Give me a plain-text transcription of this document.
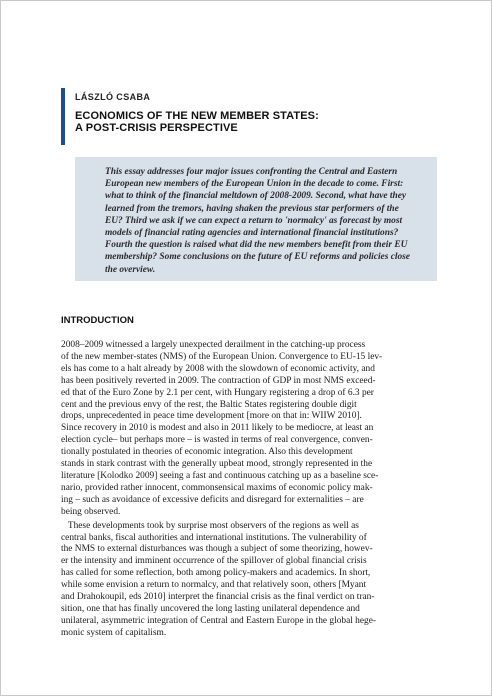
LÁSZLÓ CSABA
ECONOMICS OF THE NEW MEMBER STATES:
A POST-CRISIS PERSPECTIVE
This essay addresses four major issues confronting the Central and Eastern
European new members of the European Union in the decade to come. First:
what to think of the financial meltdown of 2008-2009. Second, what have they
learned from the tremors, having shaken the previous star performers of the
EU? Third we ask if we can expect a return to 'normalcy' as forecast by most
models of financial rating agencies and international financial institutions?
Fourth the question is raised what did the new members benefit from their EU
membership? Some conclusions on the future of EU reforms and policies close
the overview.
INTRODUCTION
2008–2009 witnessed a largely unexpected derailment in the catching-up process
of the new member-states (NMS) of the European Union. Convergence to EU-15 lev-
els has come to a halt already by 2008 with the slowdown of economic activity, and
has been positively reverted in 2009. The contraction of GDP in most NMS exceed-
ed that of the Euro Zone by 2.1 per cent, with Hungary registering a drop of 6.3 per
cent and the previous envy of the rest, the Baltic States registering double digit
drops, unprecedented in peace time development [more on that in: WIIW 2010].
Since recovery in 2010 is modest and also in 2011 likely to be mediocre, at least an
election cycle– but perhaps more – is wasted in terms of real convergence, conven-
tionally postulated in theories of economic integration. Also this development
stands in stark contrast with the generally upbeat mood, strongly represented in the
literature [Kolodko 2009] seeing a fast and continuous catching up as a baseline sce-
nario, provided rather innocent, commonsensical maxims of economic policy mak-
ing – such as avoidance of excessive deficits and disregard for externalities – are
being observed.
These developments took by surprise most observers of the regions as well as
central banks, fiscal authorities and international institutions. The vulnerability of
the NMS to external disturbances was though a subject of some theorizing, howev-
er the intensity and imminent occurrence of the spillover of global financial crisis
has called for some reflection, both among policy-makers and academics. In short,
while some envision a return to normalcy, and that relatively soon, others [Myant
and Drahokoupil, eds 2010] interpret the financial crisis as the final verdict on tran-
sition, one that has finally uncovered the long lasting unilateral dependence and
unilateral, asymmetric integration of Central and Eastern Europe in the global hege-
monic system of capitalism.
